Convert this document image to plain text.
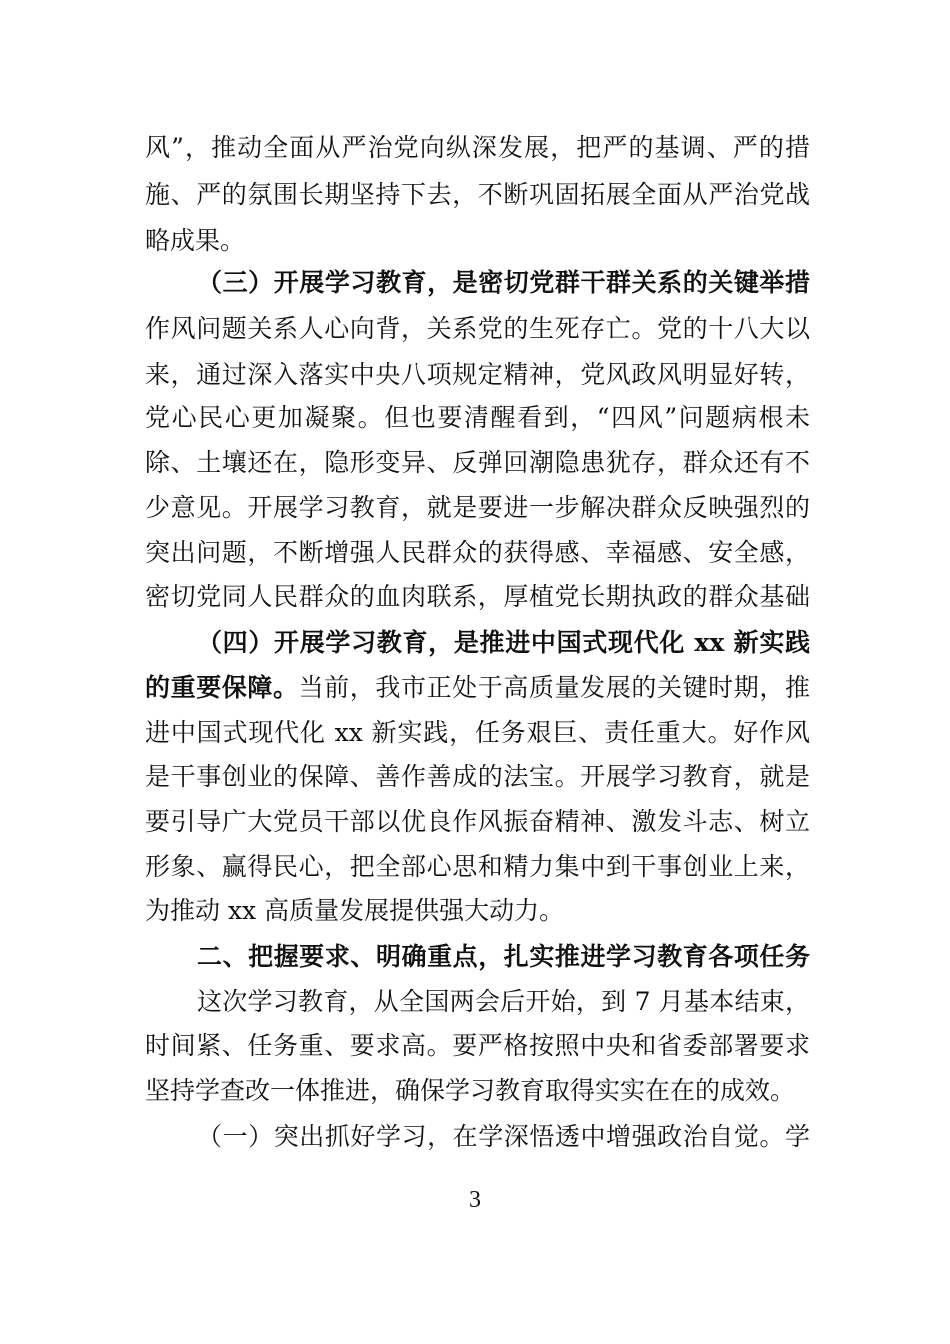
风”，推动全面从严治党向纵深发展，把严的基调、严的措
施、严的氛围长期坚持下去，不断巩固拓展全面从严治党战
略成果。
（三）开展学习教育，是密切党群干群关系的关键举措
作风问题关系人心向背，关系党的生死存亡。党的十八大以
来，通过深入落实中央八项规定精神，党风政风明显好转，
党心民心更加凝聚。但也要清醒看到，“四风”问题病根未
除、土壤还在，隐形变异、反弹回潮隐患犹存，群众还有不
少意见。开展学习教育，就是要进一步解决群众反映强烈的
突出问题，不断增强人民群众的获得感、幸福感、安全感，
密切党同人民群众的血肉联系，厚植党长期执政的群众基础
（四）开展学习教育，是推进中国式现代化 xx 新实践
的重要保障。当前，我市正处于高质量发展的关键时期，推
进中国式现代化 xx 新实践，任务艰巨、责任重大。好作风
是干事创业的保障、善作善成的法宝。开展学习教育，就是
要引导广大党员干部以优良作风振奋精神、激发斗志、树立
形象、赢得民心，把全部心思和精力集中到干事创业上来，
为推动 xx 高质量发展提供强大动力。
二、把握要求、明确重点，扎实推进学习教育各项任务
这次学习教育，从全国两会后开始，到 7 月基本结束，
时间紧、任务重、要求高。要严格按照中央和省委部署要求
坚持学查改一体推进，确保学习教育取得实实在在的成效。
（一）突出抓好学习，在学深悟透中增强政治自觉。学
3
